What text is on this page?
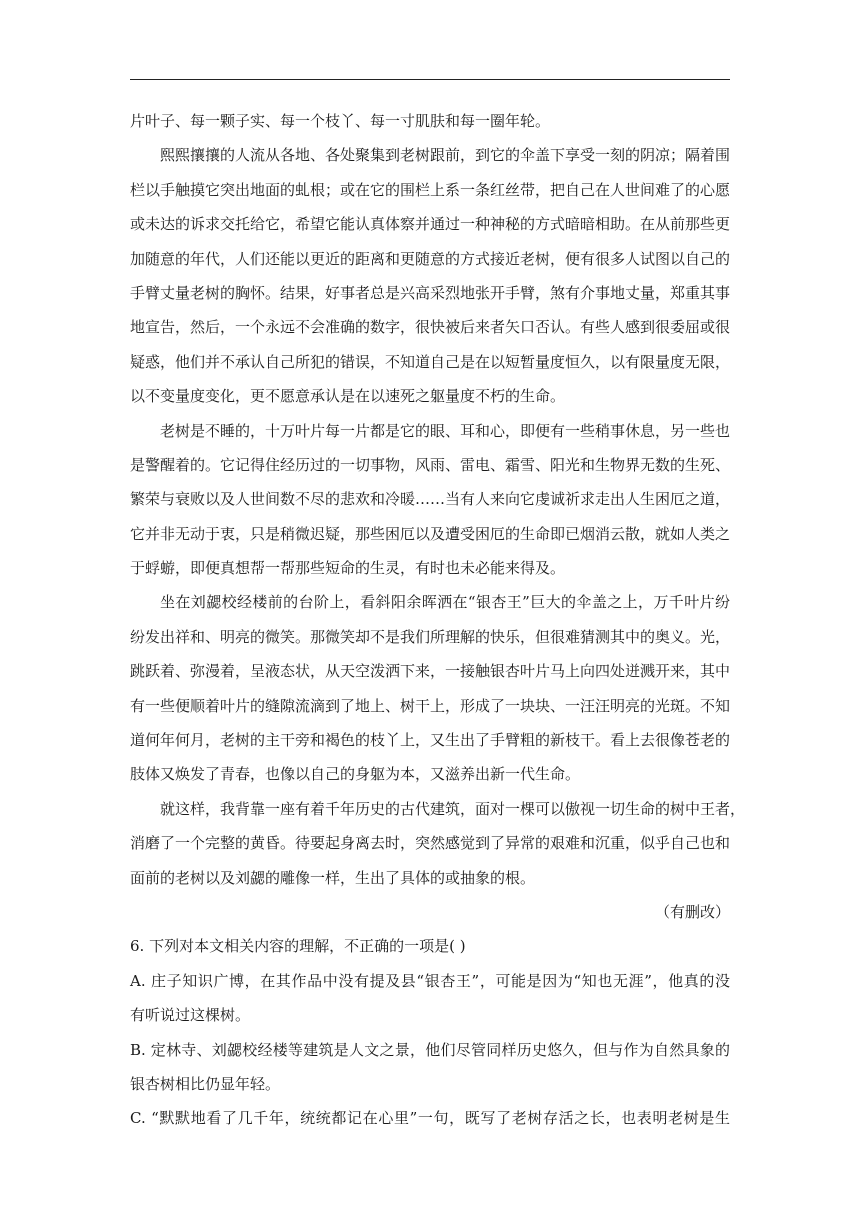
片叶子、每一颗子实、每一个枝丫、每一寸肌肤和每一圈年轮。
熙熙攘攘的人流从各地、各处聚集到老树跟前，到它的伞盖下享受一刻的阴凉；隔着围
栏以手触摸它突出地面的虬根；或在它的围栏上系一条红丝带，把自己在人世间难了的心愿
或未达的诉求交托给它，希望它能认真体察并通过一种神秘的方式暗暗相助。在从前那些更
加随意的年代，人们还能以更近的距离和更随意的方式接近老树，便有很多人试图以自己的
手臂丈量老树的胸怀。结果，好事者总是兴高采烈地张开手臂，煞有介事地丈量，郑重其事
地宣告，然后，一个永远不会准确的数字，很快被后来者矢口否认。有些人感到很委屈或很
疑惑，他们并不承认自己所犯的错误，不知道自己是在以短暂量度恒久，以有限量度无限，
以不变量度变化，更不愿意承认是在以速死之躯量度不朽的生命。
老树是不睡的，十万叶片每一片都是它的眼、耳和心，即便有一些稍事休息，另一些也
是警醒着的。它记得住经历过的一切事物，风雨、雷电、霜雪、阳光和生物界无数的生死、
繁荣与衰败以及人世间数不尽的悲欢和冷暖……当有人来向它虔诚祈求走出人生困厄之道，
它并非无动于衷，只是稍微迟疑，那些困厄以及遭受困厄的生命即已烟消云散，就如人类之
于蜉蝣，即便真想帮一帮那些短命的生灵，有时也未必能来得及。
坐在刘勰校经楼前的台阶上，看斜阳余晖洒在“银杏王”巨大的伞盖之上，万千叶片纷
纷发出祥和、明亮的微笑。那微笑却不是我们所理解的快乐，但很难猜测其中的奥义。光，
跳跃着、弥漫着，呈液态状，从天空泼洒下来，一接触银杏叶片马上向四处迸溅开来，其中
有一些便顺着叶片的缝隙流滴到了地上、树干上，形成了一块块、一汪汪明亮的光斑。不知
道何年何月，老树的主干旁和褐色的枝丫上，又生出了手臂粗的新枝干。看上去很像苍老的
肢体又焕发了青春，也像以自己的身躯为本，又滋养出新一代生命。
就这样，我背靠一座有着千年历史的古代建筑，面对一棵可以傲视一切生命的树中王者，
消磨了一个完整的黄昏。待要起身离去时，突然感觉到了异常的艰难和沉重，似乎自己也和
面前的老树以及刘勰的雕像一样，生出了具体的或抽象的根。
（有删改）
6. 下列对本文相关内容的理解，不正确的一项是( )
A. 庄子知识广博，在其作品中没有提及县“银杏王”，可能是因为“知也无涯”，他真的没
有听说过这棵树。
B. 定林寺、刘勰校经楼等建筑是人文之景，他们尽管同样历史悠久，但与作为自然具象的
银杏树相比仍显年轻。
C. “默默地看了几千年，统统都记在心里”一句，既写了老树存活之长，也表明老树是生
